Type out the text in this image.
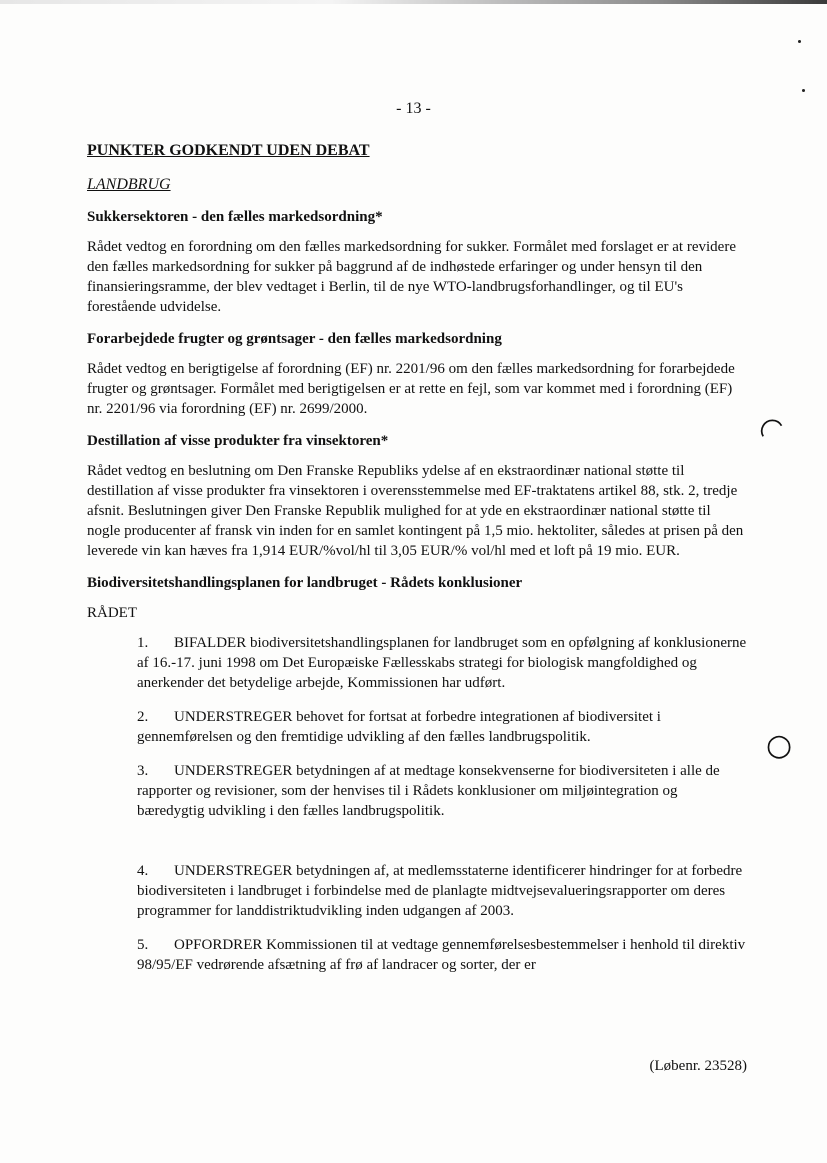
- 13 -
PUNKTER GODKENDT UDEN DEBAT
LANDBRUG
Sukkersektoren - den fælles markedsordning*

Rådet vedtog en forordning om den fælles markedsordning for sukker. Formålet med forslaget er at revidere den fælles markedsordning for sukker på baggrund af de indhøstede erfaringer og under hensyn til den finansieringsramme, der blev vedtaget i Berlin, til de nye WTO-landbrugsforhandlinger, og til EU's forestående udvidelse.

Forarbejdede frugter og grøntsager - den fælles markedsordning

Rådet vedtog en berigtigelse af forordning (EF) nr. 2201/96 om den fælles markedsordning for forarbejdede frugter og grøntsager. Formålet med berigtigelsen er at rette en fejl, som var kommet med i forordning (EF) nr. 2201/96 via forordning (EF) nr. 2699/2000.

Destillation af visse produkter fra vinsektoren*

Rådet vedtog en beslutning om Den Franske Republiks ydelse af en ekstraordinær national støtte til destillation af visse produkter fra vinsektoren i overensstemmelse med EF-traktatens artikel 88, stk. 2, tredje afsnit. Beslutningen giver Den Franske Republik mulighed for at yde en ekstraordinær national støtte til nogle producenter af fransk vin inden for en samlet kontingent på 1,5 mio. hektoliter, således at prisen på den leverede vin kan hæves fra 1,914 EUR/%vol/hl til 3,05 EUR/% vol/hl med et loft på 19 mio. EUR.

Biodiversitetshandlingsplanen for landbruget - Rådets konklusioner
RÅDET
1. BIFALDER biodiversitetshandlingsplanen for landbruget som en opfølgning af konklusionerne af 16.-17. juni 1998 om Det Europæiske Fællesskabs strategi for biologisk mangfoldighed og anerkender det betydelige arbejde, Kommissionen har udført.
2. UNDERSTREGER behovet for fortsat at forbedre integrationen af biodiversitet i gennemførelsen og den fremtidige udvikling af den fælles landbrugspolitik.
3. UNDERSTREGER betydningen af at medtage konsekvenserne for biodiversiteten i alle de rapporter og revisioner, som der henvises til i Rådets konklusioner om miljøintegration og bæredygtig udvikling i den fælles landbrugspolitik.
4. UNDERSTREGER betydningen af, at medlemsstaterne identificerer hindringer for at forbedre biodiversiteten i landbruget i forbindelse med de planlagte midtvejsevalueringsrapporter om deres programmer for landdistriktudvikling inden udgangen af 2003.
5. OPFORDRER Kommissionen til at vedtage gennemførelsesbestemmelser i henhold til direktiv 98/95/EF vedrørende afsætning af frø af landracer og sorter, der er
(Løbenr. 23528)
◠
○
